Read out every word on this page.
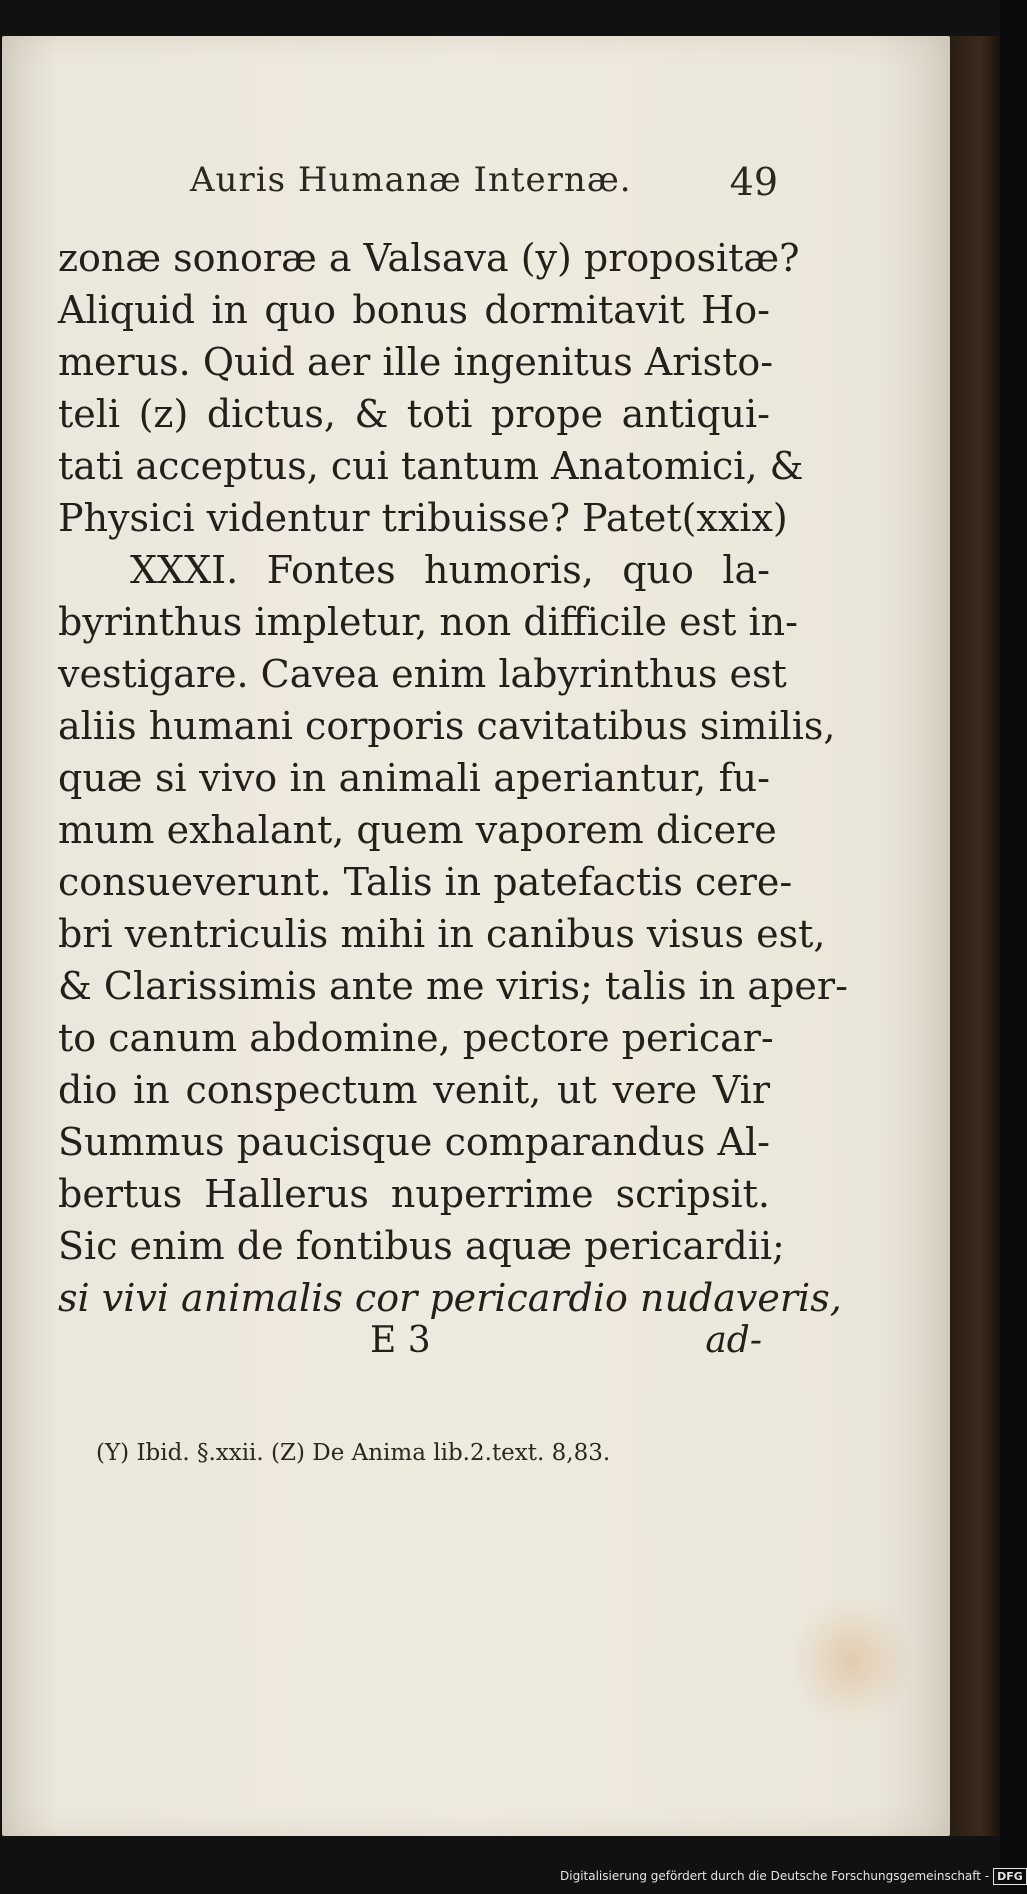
Auris Humanæ Internæ.	49
zonæ sonoræ a Valsava (y) propositæ?
Aliquid in quo bonus dormitavit Ho-
merus. Quid aer ille ingenitus Aristo-
teli (z) dictus, & toti prope antiqui-
tati acceptus, cui tantum Anatomici, &
Physici videntur tribuisse? Patet(xxix)
XXXI. Fontes humoris, quo la-
byrinthus impletur, non difficile est in-
vestigare. Cavea enim labyrinthus est
aliis humani corporis cavitatibus similis,
quæ si vivo in animali aperiantur, fu-
mum exhalant, quem vaporem dicere
consueverunt. Talis in patefactis cere-
bri ventriculis mihi in canibus visus est,
& Clarissimis ante me viris; talis in aper-
to canum abdomine, pectore pericar-
dio in conspectum venit, ut vere Vir
Summus paucisque comparandus Al-
bertus Hallerus nuperrime scripsit.
Sic enim de fontibus aquæ pericardii;
si vivi animalis cor pericardio nudaveris,
E 3	ad-
(Y) Ibid. §.xxii. (Z) De Anima lib.2.text. 8,83.
Digitalisierung gefördert durch die Deutsche Forschungsgemeinschaft - DFG
